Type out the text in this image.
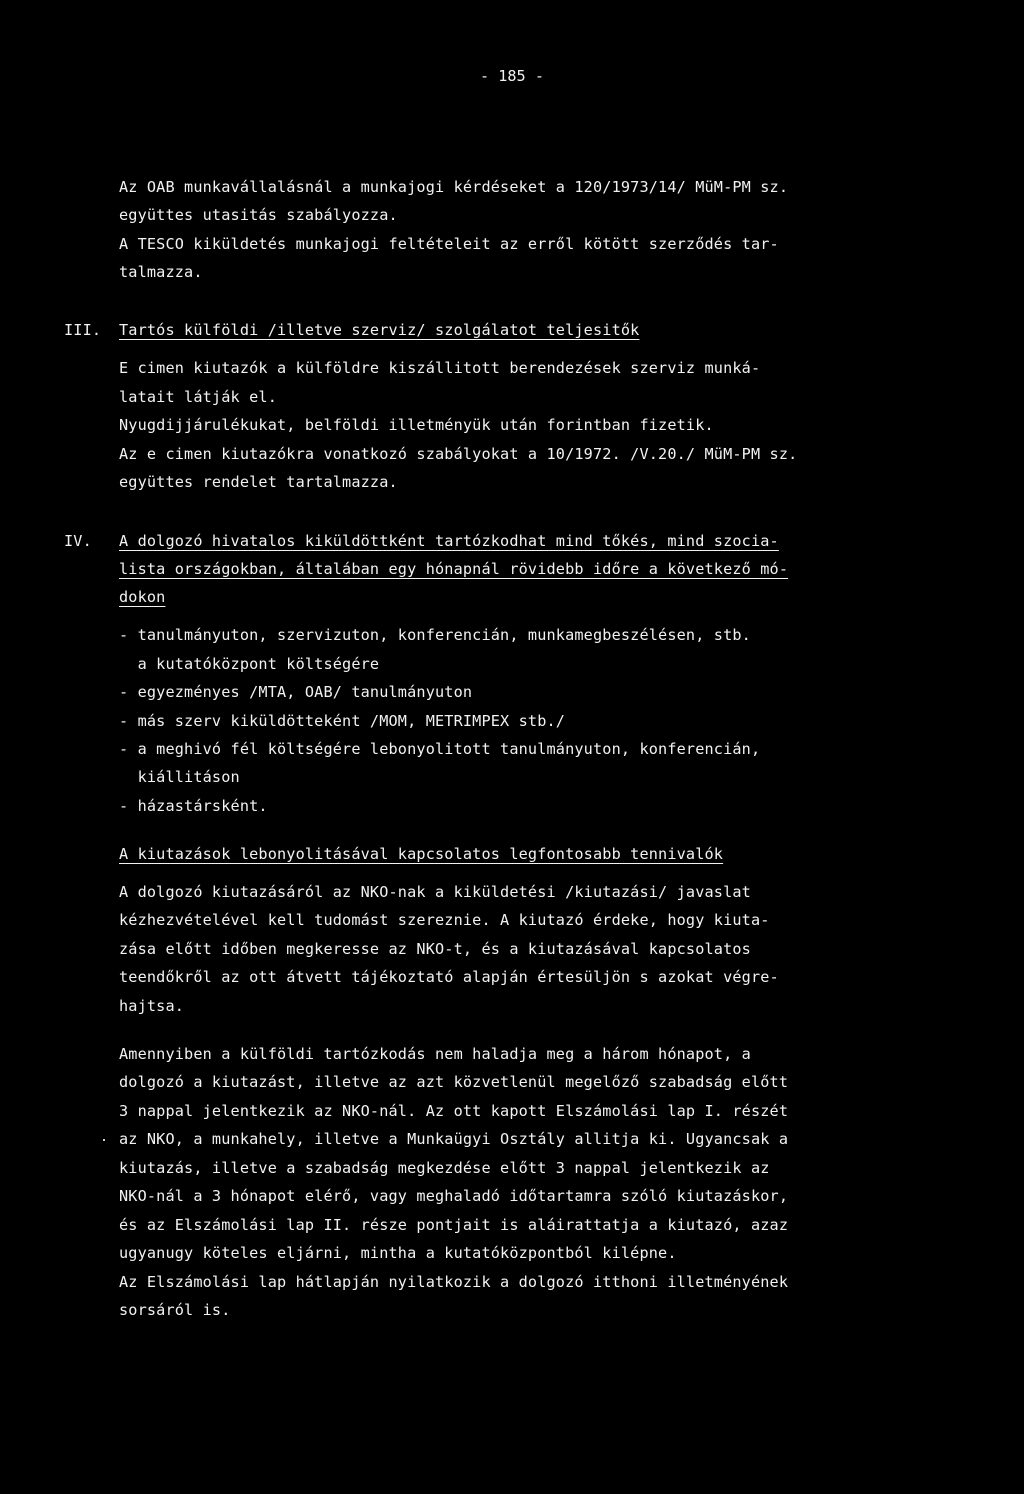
- 185 -
Az OAB munkavállalásnál a munkajogi kérdéseket a 120/1973/14/ MüM-PM sz.
együttes utasitás szabályozza.
A TESCO kiküldetés munkajogi feltételeit az erről kötött szerződés tar-
talmazza.
III. Tartós külföldi /illetve szerviz/ szolgálatot teljesitők
E cimen kiutazók a külföldre kiszállitott berendezések szerviz munká-
latait látják el.
Nyugdijjárulékukat, belföldi illetményük után forintban fizetik.
Az e cimen kiutazókra vonatkozó szabályokat a 10/1972. /V.20./ MüM-PM sz.
együttes rendelet tartalmazza.
IV. A dolgozó hivatalos kiküldöttként tartózkodhat mind tőkés, mind szocia-
lista országokban, általában egy hónapnál rövidebb időre a következő mó-
dokon
- tanulmányuton, szervizuton, konferencián, munkamegbeszélésen, stb.
a kutatóközpont költségére
- egyezményes /MTA, OAB/ tanulmányuton
- más szerv kiküldötteként /MOM, METRIMPEX stb./
- a meghivó fél költségére lebonyolitott tanulmányuton, konferencián,
kiállitáson
- házastársként.
A kiutazások lebonyolitásával kapcsolatos legfontosabb tennivalók
A dolgozó kiutazásáról az NKO-nak a kiküldetési /kiutazási/ javaslat
kézhezvételével kell tudomást szereznie. A kiutazó érdeke, hogy kiuta-
zása előtt időben megkeresse az NKO-t, és a kiutazásával kapcsolatos
teendőkről az ott átvett tájékoztató alapján értesüljön s azokat végre-
hajtsa.
Amennyiben a külföldi tartózkodás nem haladja meg a három hónapot, a
dolgozó a kiutazást, illetve az azt közvetlenül megelőző szabadság előtt
3 nappal jelentkezik az NKO-nál. Az ott kapott Elszámolási lap I. részét
az NKO, a munkahely, illetve a Munkaügyi Osztály allitja ki. Ugyancsak a
kiutazás, illetve a szabadság megkezdése előtt 3 nappal jelentkezik az
NKO-nál a 3 hónapot elérő, vagy meghaladó időtartamra szóló kiutazáskor,
és az Elszámolási lap II. része pontjait is aláirattatja a kiutazó, azaz
ugyanugy köteles eljárni, mintha a kutatóközpontból kilépne.
Az Elszámolási lap hátlapján nyilatkozik a dolgozó itthoni illetményének
sorsáról is.
